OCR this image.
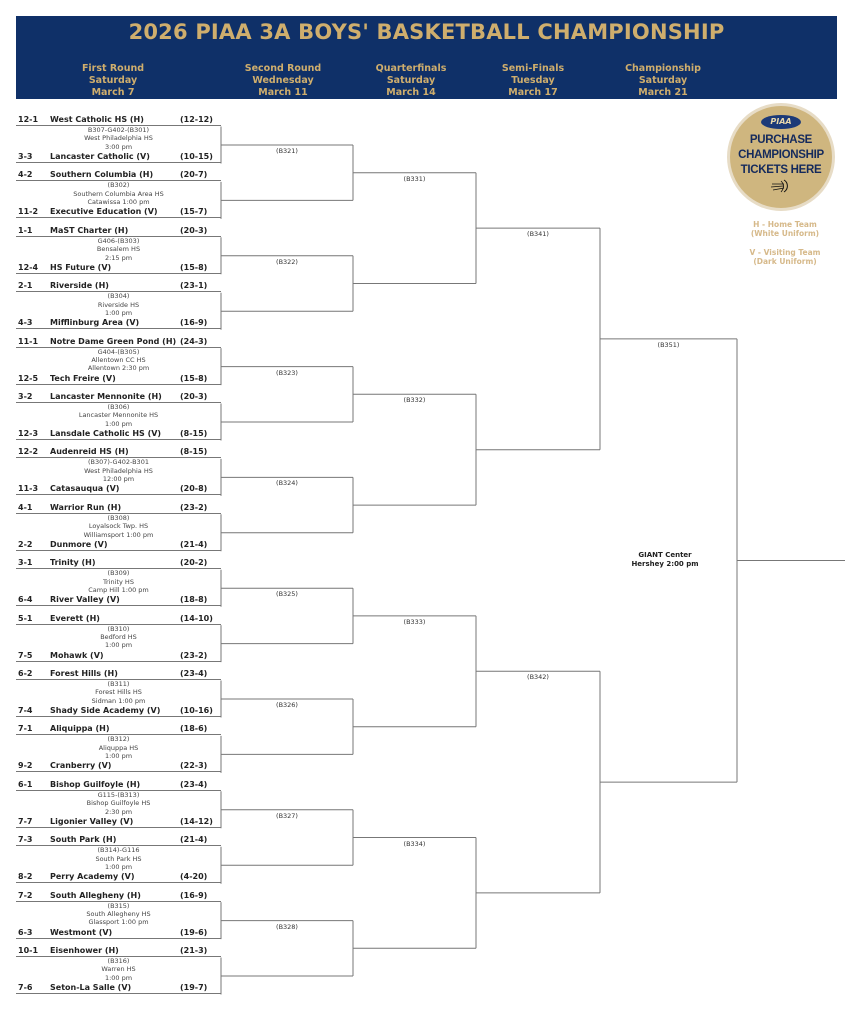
2026 PIAA 3A BOYS' BASKETBALL CHAMPIONSHIP
First Round
Saturday
March 7
Second Round
Wednesday
March 11
Quarterfinals
Saturday
March 14
Semi-Finals
Tuesday
March 17
Championship
Saturday
March 21
12-1 West Catholic HS (H)	(12-12)
3-3 Lancaster Catholic (V)	(10-15)
B307-G402-(B301)
West Philadelphia HS
3:00 pm
4-2 Southern Columbia (H)	(20-7)
11-2 Executive Education (V)	(15-7)
(B302)
Southern Columbia Area HS
Catawissa 1:00 pm
1-1 MaST Charter (H)	(20-3)
12-4 HS Future (V)	(15-8)
G406-(B303)
Bensalem HS
2:15 pm
2-1 Riverside (H)	(23-1)
4-3 Mifflinburg Area (V)	(16-9)
(B304)
Riverside HS
1:00 pm
11-1 Notre Dame Green Pond (H) (24-3)
12-5 Tech Freire (V)	(15-8)
G404-(B305)
Allentown CC HS
Allentown 2:30 pm
3-2 Lancaster Mennonite (H) (20-3)
12-3 Lansdale Catholic HS (V) (8-15)
(B306)
Lancaster Mennonite HS
1:00 pm
12-2 Audenreid HS (H)	(8-15)
11-3 Catasauqua (V)	(20-8)
(B307)-G402-B301
West Philadelphia HS
12:00 pm
4-1 Warrior Run (H)	(23-2)
2-2 Dunmore (V)	(21-4)
(B308)
Loyalsock Twp. HS
Williamsport 1:00 pm
3-1 Trinity (H)	(20-2)
6-4 River Valley (V)	(18-8)
(B309)
Trinity HS
Camp Hill 1:00 pm
5-1 Everett (H)	(14-10)
7-5 Mohawk (V)	(23-2)
(B310)
Bedford HS
1:00 pm
6-2 Forest Hills (H)	(23-4)
7-4 Shady Side Academy (V) (10-16)
(B311)
Forest Hills HS
Sidman 1:00 pm
7-1 Aliquippa (H)	(18-6)
9-2 Cranberry (V)	(22-3)
(B312)
Aliquppa HS
1:00 pm
6-1 Bishop Guilfoyle (H)	(23-4)
7-7 Ligonier Valley (V)	(14-12)
G115-(B313)
Bishop Guilfoyle HS
2:30 pm
7-3 South Park (H)	(21-4)
8-2 Perry Academy (V)	(4-20)
(B314)-G116
South Park HS
1:00 pm
7-2 South Allegheny (H)	(16-9)
6-3 Westmont (V)	(19-6)
(B315)
South Allegheny HS
Glassport 1:00 pm
10-1 Eisenhower (H)	(21-3)
7-6 Seton-La Salle (V)	(19-7)
(B316)
Warren HS
1:00 pm
(B321)
(B322)
(B323)
(B324)
(B325)
(B326)
(B327)
(B328)
(B331)
(B332)
(B333)
(B334)
(B341)
(B342)
(B351)
GIANT Center
Hershey 2:00 pm
PIAA
PURCHASE
CHAMPIONSHIP
TICKETS HERE
H - Home Team
(White Uniform)
V - Visiting Team
(Dark Uniform)
